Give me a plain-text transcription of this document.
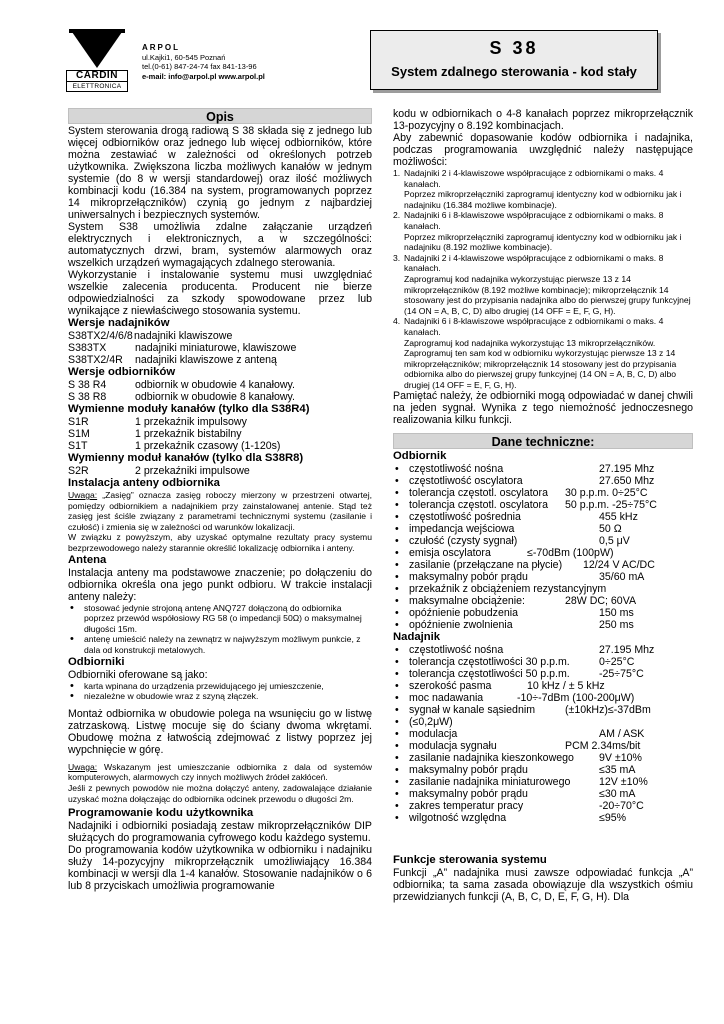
CARDIN
ELETTRONICA
ARPOL
ul.Kajki1, 60-545 Poznań
tel.(0-61) 847-24-74 fax 841-13-96
e-mail: info@arpol.pl www.arpol.pl
S 38
System zdalnego sterowania - kod stały
Opis

System sterowania drogą radiową S 38 składa się z jednego lub więcej odbiorników oraz jednego lub więcej odbiorników, które można zestawiać w zależności od określonych potrzeb użytkownika. Zwiększona liczba możliwych kanałów w jednym systemie (do 8 w wersji standardowej) oraz ilość możliwych kombinacji kodu (16.384 na system, programowanych poprzez 14 mikroprzełączników) czynią go jednym z najbardziej uniwersalnych i bezpiecznych systemów.

System S38 umożliwia zdalne załączanie urządzeń elektrycznych i elektronicznych, a w szczególności: automatycznych drzwi, bram, systemów alarmowych oraz wszelkich urządzeń wymagających zdalnego sterowania.

Wykorzystanie i instalowanie systemu musi uwzględniać wszelkie zalecenia producenta. Producent nie bierze odpowiedzialności za szkody spowodowane przez lub wynikające z niewłaściwego stosowania systemu.

Wersje nadajników
S38TX2/4/6/8 nadajniki klawiszowe
S383TX	nadajniki miniaturowe, klawiszowe
S38TX2/4R	nadajniki klawiszowe z anteną
Wersje odbiorników
S 38 R4	odbiornik w obudowie 4 kanałowy.
S 38 R8	odbiornik w obudowie 8 kanałowy.
Wymienne moduły kanałów (tylko dla S38R4)
S1R	1 przekaźnik impulsowy
S1M	1 przekaźnik bistabilny
S1T	1 przekaźnik czasowy (1-120s)
Wymienny moduł kanałów (tylko dla S38R8)
S2R	2 przekaźniki impulsowe
Instalacja anteny odbiornika

Uwaga: „Zasięg” oznacza zasięg roboczy mierzony w przestrzeni otwartej, pomiędzy odbiornikiem a nadajnikiem przy zainstalowanej antenie. Stąd też zasięg jest ściśle związany z parametrami technicznymi systemu (zasilanie i czułość) i zmienia się w zależności od warunków lokalizacji.

W związku z powyższym, aby uzyskać optymalne rezultaty pracy systemu bezprzewodowego należy starannie określić lokalizację odbiornika i anteny.

Antena

Instalacja anteny ma podstawowe znaczenie; po dołączeniu do odbiornika określa ona jego punkt odbioru. W trakcie instalacji anteny należy:

• stosować jedynie strojoną antenę ANQ727 dołączoną do odbiornika poprzez przewód współosiowy RG 58 (o impedancji 50Ω) o maksymalnej długości 15m.
• antenę umieścić należy na zewnątrz w najwyższym możliwym punkcie, z dala od konstrukcji metalowych.
Odbiorniki

Odbiorniki oferowane są jako:

• karta wpinana do urządzenia przewidującego jej umieszczenie,
• niezależne w obudowie wraz z szyną złączek.

Montaż odbiornika w obudowie polega na wsunięciu go w listwę zatrzaskową. Listwę mocuje się do ściany dwoma wkrętami. Obudowę można z łatwością zdejmować z listwy poprzez jej wypchnięcie w górę.

Uwaga: Wskazanym jest umieszczanie odbiornika z dala od systemów komputerowych, alarmowych czy innych możliwych źródeł zakłóceń.

Jeśli z pewnych powodów nie można dołączyć anteny, zadowalające działanie uzyskać można dołączając do odbiornika odcinek przewodu o długości 2m.

Programowanie kodu użytkownika

Nadajniki i odbiorniki posiadają zestaw mikroprzełączników DIP służących do programowania cyfrowego kodu każdego systemu.

Do programowania kodów użytkownika w odbiorniku i nadajniku służy 14-pozycyjny mikroprzełącznik umożliwiający 16.384 kombinacji w wersji dla 1-4 kanałów. Stosowanie nadajników o 6 lub 8 przyciskach umożliwia programowanie

kodu w odbiornikach o 4-8 kanałach poprzez mikroprzełącznik 13-pozycyjny o 8.192 kombinacjach.

Aby zabewnić dopasowanie kodów odbiornika i nadajnika, podczas programowania uwzględnić należy następujące możliwości:

1. Nadajniki 2 i 4-klawiszowe współpracujące z odbiornikami o maks. 4 kanałach.
Poprzez mikroprzełączniki zaprogramuj identyczny kod w odbiorniku jak i nadajniku (16.384 możliwe kombinacje).
2. Nadajniki 6 i 8-klawiszowe współpracujące z odbiornikami o maks. 8 kanałach.
Poprzez mikroprzełączniki zaprogramuj identyczny kod w odbiorniku jak i nadajniku (8.192 możliwe kombinacje).
3. Nadajniki 2 i 4-klawiszowe współpracujące z odbiornikami o maks. 8 kanałach.
Zaprogramuj kod nadajnika wykorzystując pierwsze 13 z 14 mikroprzełączników (8.192 możliwe kombinacje); mikroprzełącznik 14 stosowany jest do przypisania nadajnika albo do pierwszej grupy funkcyjnej (14 ON = A, B, C, D) albo drugiej (14 OFF = E, F, G, H).
4. Nadajniki 6 i 8-klawiszowe współpracujące z odbiornikami o maks. 4 kanałach.
Zaprogramuj kod nadajnika wykorzystując 13 mikroprzełączników. Zaprogramuj ten sam kod w odbiorniku wykorzystując pierwsze 13 z 14 mikroprzełączników; mikroprzełącznik 14 stosowany jest do przypisania odbiornika albo do pierwszej grupy funkcyjnej (14 ON = A, B, C, D) albo drugiej (14 OFF = E, F, G, H).

Pamiętać należy, że odbiorniki mogą odpowiadać w danej chwili na jeden sygnał. Wynika z tego niemożność jednoczesnego realizowania kilku funkcji.

Dane techniczne:
Odbiornik
• częstotliwość nośna	27.195 Mhz
• częstotliwość oscylatora	27.650 Mhz
• tolerancja częstotl. oscylatora 30 p.p.m. 0÷25°C
• tolerancja częstotl. oscylatora 50 p.p.m. -25÷75°C
• częstotliwość pośrednia	455 kHz
• impedancja wejściowa	50 Ω
• czułość (czysty sygnał)	0,5 μV
• emisja oscylatora	≤-70dBm (100pW)
• zasilanie (przełączane na płycie) 12/24 V AC/DC
• maksymalny pobór prądu	35/60 mA
• przekaźnik z obciążeniem rezystancyjnym
• maksymalne obciążenie:	28W DC; 60VA
• opóźnienie pobudzenia	150 ms
• opóźnienie zwolnienia	250 ms
Nadajnik
• częstotliwość nośna	27.195 Mhz
• tolerancja częstotliwości 30 p.p.m.	0÷25°C
• tolerancja częstotliwości 50 p.p.m.	-25÷75°C
• szerokość pasma	10 kHz / ± 5 kHz
• moc nadawania	-10÷-7dBm (100-200μW)
• sygnał w kanale sąsiednim	(±10kHz)≤-37dBm
• (≤0,2μW)
• modulacja	AM / ASK
• modulacja sygnału	PCM 2.34ms/bit
• zasilanie nadajnika kieszonkowego 9V ±10%
• maksymalny pobór prądu	≤35 mA
• zasilanie nadajnika miniaturowego	12V ±10%
• maksymalny pobór prądu	≤30 mA
• zakres temperatur pracy	-20÷70°C
• wilgotność względna	≤95%
Funkcje sterowania systemu

Funkcji „A” nadajnika musi zawsze odpowiadać funkcja „A” odbiornika; ta sama zasada obowiązuje dla wszystkich ośmiu przewidzianych funkcji (A, B, C, D, E, F, G, H). Dla
